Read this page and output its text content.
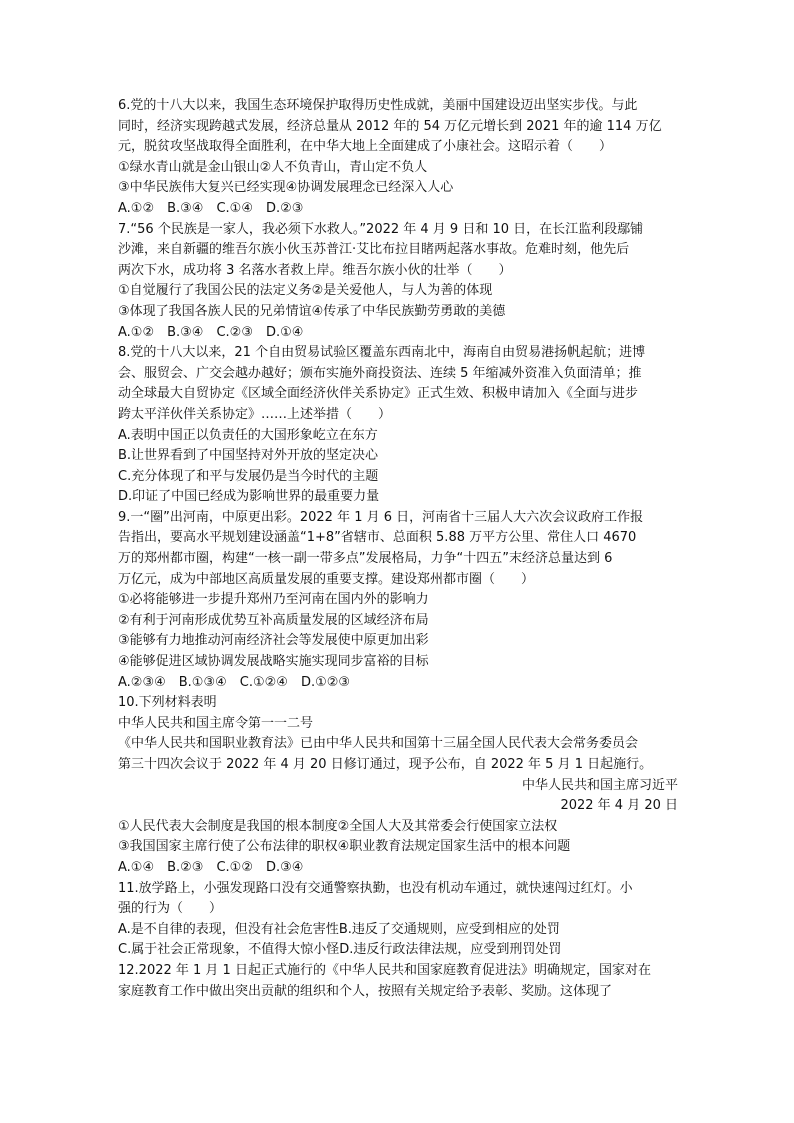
6.党的十八大以来，我国生态环境保护取得历史性成就，美丽中国建设迈出坚实步伐。与此
同时，经济实现跨越式发展，经济总量从 2012 年的 54 万亿元增长到 2021 年的逾 114 万亿
元，脱贫攻坚战取得全面胜利，在中华大地上全面建成了小康社会。这昭示着（　　）
①绿水青山就是金山银山②人不负青山，青山定不负人
③中华民族伟大复兴已经实现④协调发展理念已经深入人心
A.①②　B.③④　C.①④　D.②③
7.“56 个民族是一家人，我必须下水救人。”2022 年 4 月 9 日和 10 日，在长江监利段鄢铺
沙滩，来自新疆的维吾尔族小伙玉苏普江·艾比布拉目睹两起落水事故。危难时刻，他先后
两次下水，成功将 3 名落水者救上岸。维吾尔族小伙的壮举（　　）
①自觉履行了我国公民的法定义务②是关爱他人，与人为善的体现
③体现了我国各族人民的兄弟情谊④传承了中华民族勤劳勇敢的美德
A.①②　B.③④　C.②③　D.①④
8.党的十八大以来，21 个自由贸易试验区覆盖东西南北中，海南自由贸易港扬帆起航；进博
会、服贸会、广交会越办越好；颁布实施外商投资法、连续 5 年缩减外资准入负面清单；推
动全球最大自贸协定《区域全面经济伙伴关系协定》正式生效、积极申请加入《全面与进步
跨太平洋伙伴关系协定》……上述举措（　　）
A.表明中国正以负责任的大国形象屹立在东方
B.让世界看到了中国坚持对外开放的坚定决心
C.充分体现了和平与发展仍是当今时代的主题
D.印证了中国已经成为影响世界的最重要力量
9.一“圈”出河南，中原更出彩。2022 年 1 月 6 日，河南省十三届人大六次会议政府工作报
告指出，要高水平规划建设涵盖“1+8”省辖市、总面积 5.88 万平方公里、常住人口 4670
万的郑州都市圈，构建“一核一副一带多点”发展格局，力争“十四五”末经济总量达到 6
万亿元，成为中部地区高质量发展的重要支撑。建设郑州都市圈（　　）
①必将能够进一步提升郑州乃至河南在国内外的影响力
②有利于河南形成优势互补高质量发展的区域经济布局
③能够有力地推动河南经济社会等发展使中原更加出彩
④能够促进区域协调发展战略实施实现同步富裕的目标
A.②③④　B.①③④　C.①②④　D.①②③
10.下列材料表明
中华人民共和国主席令第一一二号
《中华人民共和国职业教育法》已由中华人民共和国第十三届全国人民代表大会常务委员会
第三十四次会议于 2022 年 4 月 20 日修订通过，现予公布，自 2022 年 5 月 1 日起施行。
中华人民共和国主席习近平
2022 年 4 月 20 日
①人民代表大会制度是我国的根本制度②全国人大及其常委会行使国家立法权
③我国国家主席行使了公布法律的职权④职业教育法规定国家生活中的根本问题
A.①④　B.②③　C.①②　D.③④
11.放学路上，小强发现路口没有交通警察执勤，也没有机动车通过，就快速闯过红灯。小
强的行为（　　）
A.是不自律的表现，但没有社会危害性B.违反了交通规则，应受到相应的处罚
C.属于社会正常现象，不值得大惊小怪D.违反行政法律法规，应受到刑罚处罚
12.2022 年 1 月 1 日起正式施行的《中华人民共和国家庭教育促进法》明确规定，国家对在
家庭教育工作中做出突出贡献的组织和个人，按照有关规定给予表彰、奖励。这体现了
